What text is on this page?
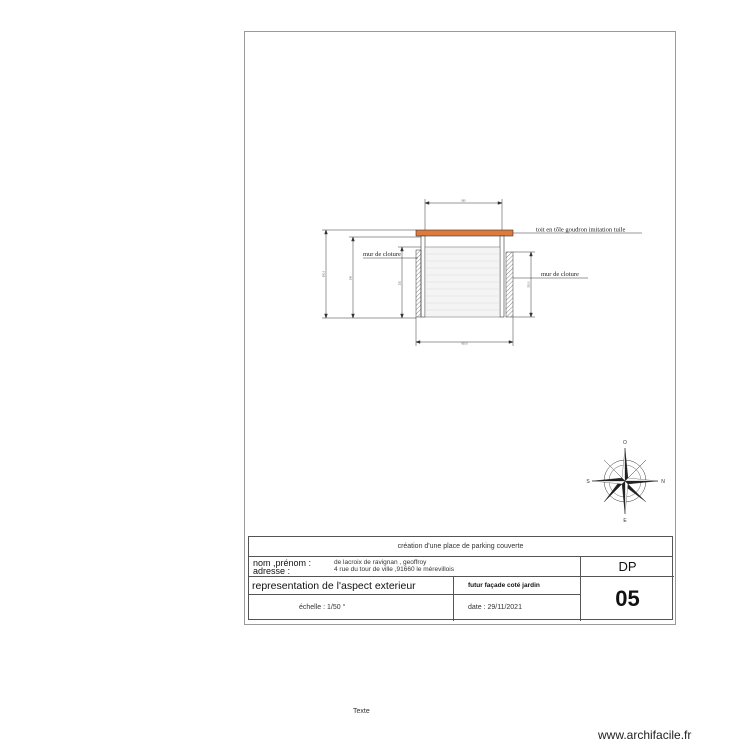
560
600.0
300.0
245
210	200.0
toit en tôle goudron imitation tuile
mur de cloture
mur de cloture
O
N
E
S
création d'une place de parking couverte
nom ,prénom :
adresse :
de lacroix de ravignan , geoffroy
4 rue du tour de ville ,91660 le mérevillois
representation de l'aspect exterieur	futur façade coté jardin
échelle : 1/50 °	date : 29/11/2021
DP
05
Texte
www.archifacile.fr
